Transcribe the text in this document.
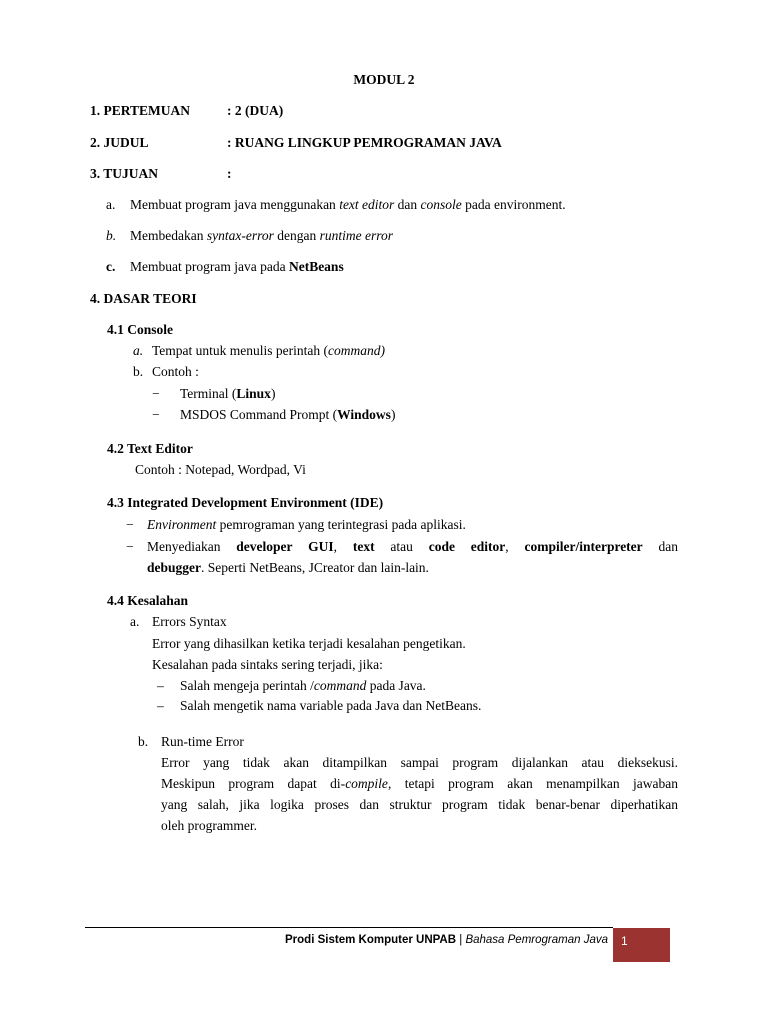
MODUL 2
1. PERTEMUAN	: 2 (DUA)
2. JUDUL	: RUANG LINGKUP PEMROGRAMAN JAVA
3. TUJUAN	:
a. Membuat program java menggunakan text editor dan console pada environment.
b. Membedakan syntax-error dengan runtime error
c. Membuat program java pada NetBeans
4. DASAR TEORI
4.1 Console
a. Tempat untuk menulis perintah (command)
b. Contoh :
− Terminal (Linux)
− MSDOS Command Prompt (Windows)
4.2 Text Editor
Contoh : Notepad, Wordpad, Vi
4.3 Integrated Development Environment (IDE)
− Environment pemrograman yang terintegrasi pada aplikasi.
− Menyediakan developer GUI, text atau code editor, compiler/interpreter dan
debugger. Seperti NetBeans, JCreator dan lain-lain.
4.4 Kesalahan
a. Errors Syntax
Error yang dihasilkan ketika terjadi kesalahan pengetikan.
Kesalahan pada sintaks sering terjadi, jika:
– Salah mengeja perintah /command pada Java.
– Salah mengetik nama variable pada Java dan NetBeans.
b. Run-time Error
Error yang tidak akan ditampilkan sampai program dijalankan atau dieksekusi.
Meskipun program dapat di-compile, tetapi program akan menampilkan jawaban
yang salah, jika logika proses dan struktur program tidak benar-benar diperhatikan
oleh programmer.
Prodi Sistem Komputer UNPAB | Bahasa Pemrograman Java 1
